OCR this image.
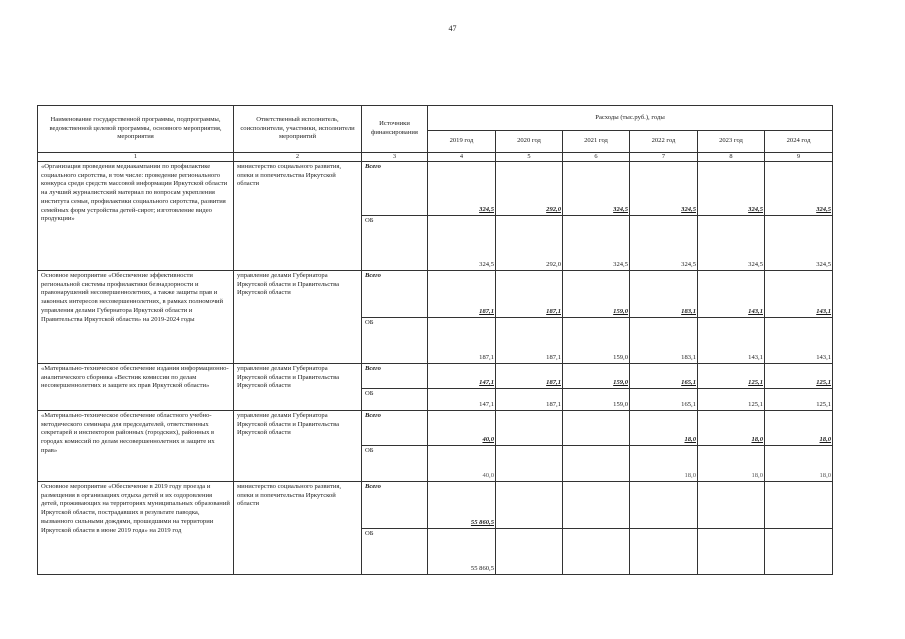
47
Наименование государственной программы, подпрограммы, ведомственной целевой программы, основного мероприятия, мероприятия	Ответственный исполнитель, соисполнители, участники, исполнители мероприятий	Источники финансирования	Расходы (тыс.руб.), годы					
			2019 год	2020 год	2021 год	2022 год	2023 год	2024 год
1	2	3	4	5	6	7	8	9
«Организация проведения медиакампании по профилактике социального сиротства, в том числе: проведение регионального конкурса среди средств массовой информации Иркутской области на лучший журналистский материал по вопросам укрепления института семьи, профилактики социального сиротства, развития семейных форм устройства детей-сирот; изготовление видео продукции»	министерство социального развития, опеки и попечительства Иркутской области	Всего	324,5	292,0	324,5	324,5	324,5	324,5
		ОБ	324,5	292,0	324,5	324,5	324,5	324,5
Основное мероприятие «Обеспечение эффективности региональной системы профилактики безнадзорности и правонарушений несовершеннолетних, а также защиты прав и законных интересов несовершеннолетних, в рамках полномочий управления делами Губернатора Иркутской области и Правительства Иркутской области» на 2019-2024 годы	управление делами Губернатора Иркутской области и Правительства Иркутской области	Всего	187,1	187,1	159,0	183,1	143,1	143,1
		ОБ	187,1	187,1	159,0	183,1	143,1	143,1
«Материально-техническое обеспечение издания информационно-аналитического сборника «Вестник комиссии по делам несовершеннолетних и защите их прав Иркутской области»	управление делами Губернатора Иркутской области и Правительства Иркутской области	Всего	147,1	187,1	159,0	165,1	125,1	125,1
		ОБ	147,1	187,1	159,0	165,1	125,1	125,1
«Материально-техническое обеспечение областного учебно-методического семинара для председателей, ответственных секретарей и инспекторов районных (городских), районных в городах комиссий по делам несовершеннолетних и защите их прав»	управление делами Губернатора Иркутской области и Правительства Иркутской области	Всего	40,0			18,0	18,0	18,0
		ОБ	40,0			18,0	18,0	18,0
Основное мероприятие «Обеспечение в 2019 году проезда и размещения в организациях отдыха детей и их оздоровления детей, проживающих на территориях муниципальных образований Иркутской области, пострадавших в результате паводка, вызванного сильными дождями, прошедшими на территории Иркутской области в июне 2019 года» на 2019 год	министерство социального развития, опеки и попечительства Иркутской области	Всего	55 860,5					
		ОБ	55 860,5					
